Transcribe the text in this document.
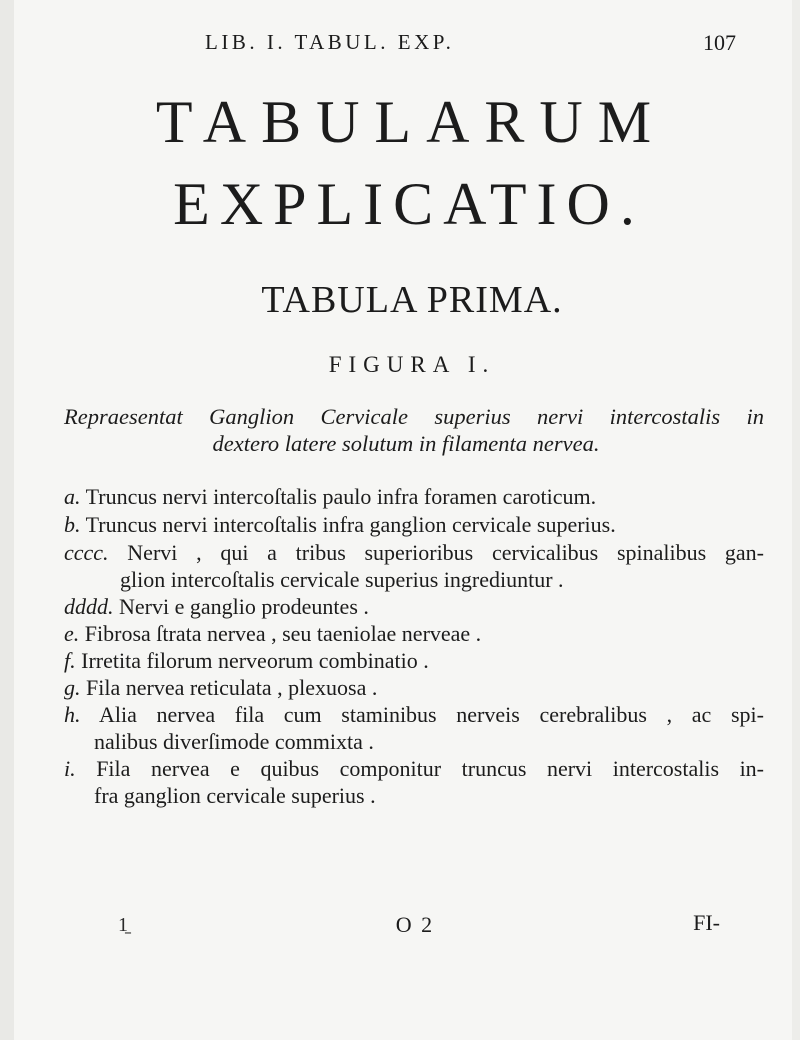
LIB. I. TABUL. EXP.	107
TABULARUM
EXPLICATIO.
TABULA PRIMA.
FIGURA I.
Repraesentat Ganglion Cervicale superius nervi intercostalis in
dextero latere solutum in filamenta nervea.
a. Truncus nervi intercoſtalis paulo infra foramen caroticum.
b. Truncus nervi intercoſtalis infra ganglion cervicale superius.
cccc. Nervi , qui a tribus superioribus cervicalibus spinalibus gan-
glion intercoſtalis cervicale superius ingrediuntur .
dddd. Nervi e ganglio prodeuntes .
e. Fibrosa ſtrata nervea , seu taeniolae nerveae .
f. Irretita filorum nerveorum combinatio .
g. Fila nervea reticulata , plexuosa .
h. Alia nervea fila cum staminibus nerveis cerebralibus , ac spi-
nalibus diverſimode commixta .
i. Fila nervea e quibus componitur truncus nervi intercostalis in-
fra ganglion cervicale superius .
1̱	O 2	FI-
